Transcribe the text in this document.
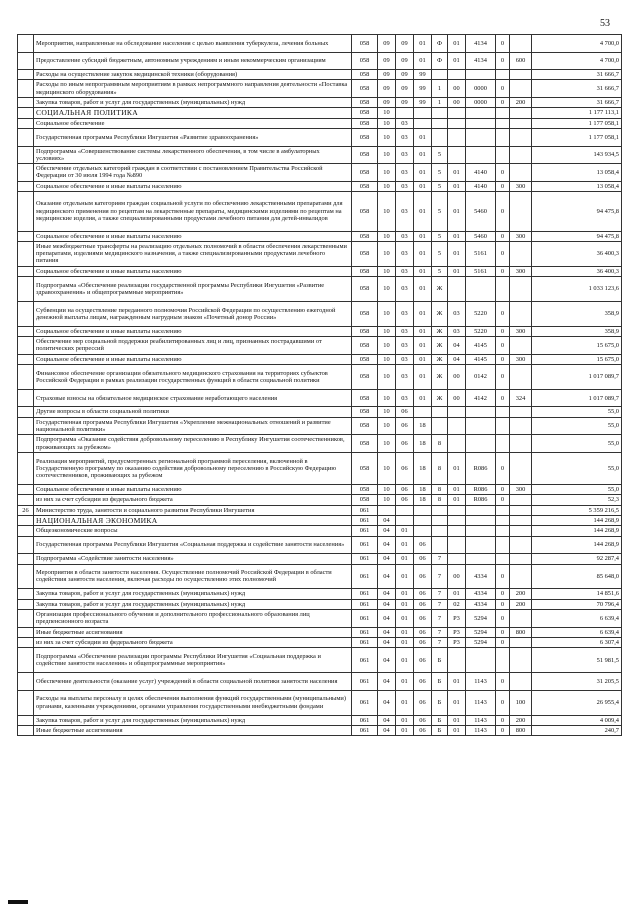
53
	Мероприятия, направленные на обследование населения с целью выявления туберкулеза, лечения больных	058	09	09	01	Ф	01	4134	0		4 700,0
	Предоставление субсидий бюджетным, автономным учреждениям и иным некоммерческим организациям	058	09	09	01	Ф	01	4134	0	600	4 700,0
	Расходы на осуществление закупок медицинской техники (оборудования)	058	09	09	99						31 666,7
	Расходы по иным непрограммным мероприятиям в рамках непрограммного направления деятельности «Поставка медицинского оборудования»	058	09	09	99	1	00	0000	0		31 666,7
	Закупка товаров, работ и услуг для государственных (муниципальных) нужд	058	09	09	99	1	00	0000	0	200	31 666,7
	СОЦИАЛЬНАЯ ПОЛИТИКА	058	10								1 177 113,1
	Социальное обеспечение	058	10	03							1 177 058,1
	Государственная программа Республики Ингушетия «Развитие здравоохранения»	058	10	03	01						1 177 058,1
	Подпрограмма «Совершенствование системы лекарственного обеспечения, в том числе в амбулаторных условиях»	058	10	03	01	5					143 934,5
	Обеспечение отдельных категорий граждан в соответствии с постановлением Правительства Российской Федерации от 30 июля 1994 года №890	058	10	03	01	5	01	4140	0		13 058,4
	Социальное обеспечение и иные выплаты населению	058	10	03	01	5	01	4140	0	300	13 058,4
	Оказание отдельным категориям граждан социальной услуги по обеспечению лекарственными препаратами для медицинского применения по рецептам на лекарственные препараты, медицинскими изделиями по рецептам на медицинские изделия, а также специализированными продуктами лечебного питания для детей-инвалидов	058	10	03	01	5	01	5460	0		94 475,8
	Социальное обеспечение и иные выплаты населению	058	10	03	01	5	01	5460	0	300	94 475,8
	Иные межбюджетные трансферты на реализацию отдельных полномочий в области обеспечения лекарственными препаратами, изделиями медицинского назначения, а также специализированными продуктами лечебного питания	058	10	03	01	5	01	5161	0		36 400,3
	Социальное обеспечение и иные выплаты населению	058	10	03	01	5	01	5161	0	300	36 400,3
	Подпрограмма «Обеспечение реализации государственной программы Республики Ингушетия «Развитие здравоохранения» и общепрограммные мероприятия»	058	10	03	01	Ж					1 033 123,6
	Субвенции на осуществление переданного полномочия Российской Федерации по осуществлению ежегодной денежной выплаты лицам, награжденным нагрудным знаком «Почетный донор России»	058	10	03	01	Ж	03	5220	0		358,9
	Социальное обеспечение и иные выплаты населению	058	10	03	01	Ж	03	5220	0	300	358,9
	Обеспечение мер социальной поддержки реабилитированных лиц и лиц, признанных пострадавшими от политических репрессий	058	10	03	01	Ж	04	4145	0		15 675,0
	Социальное обеспечение и иные выплаты населению	058	10	03	01	Ж	04	4145	0	300	15 675,0
	Финансовое обеспечение организации обязательного медицинского страхования на территориях субъектов Российской Федерации в рамках реализации государственных функций в области социальной политики	058	10	03	01	Ж	00	0142	0		1 017 089,7
	Страховые взносы на обязательное медицинское страхование неработающего населения	058	10	03	01	Ж	00	4142	0	324	1 017 089,7
	Другие вопросы в области социальной политики	058	10	06							55,0
	Государственная программа Республики Ингушетия «Укрепление межнациональных отношений и развитие национальной политики»	058	10	06	18						55,0
	Подпрограмма «Оказание содействия добровольному переселению в Республику Ингушетия соотечественников, проживающих за рубежом»	058	10	06	18	8					55,0
	Реализация мероприятий, предусмотренных региональной программой переселения, включенной в Государственную программу по оказанию содействия добровольному переселению в Российскую Федерацию соотечественников, проживающих за рубежом	058	10	06	18	8	01	R086	0		55,0
	Социальное обеспечение и иные выплаты населению	058	10	06	18	8	01	R086	0	300	55,0
	из них за счет субсидии из федерального бюджета	058	10	06	18	8	01	R086	0		52,3
26	Министерство труда, занятости и социального развития Республики Ингушетия	061									5 359 216,5
	НАЦИОНАЛЬНАЯ ЭКОНОМИКА	061	04								144 268,9
	Общеэкономические вопросы	061	04	01							144 268,9
	Государственная программа Республики Ингушетия «Социальная поддержка и содействие занятости населения»	061	04	01	06						144 268,9
	Подпрограмма «Содействие занятости населения»	061	04	01	06	7					92 287,4
	Мероприятия в области занятости населения. Осуществление полномочий Российской Федерации в области содействия занятости населения, включая расходы по осуществлению этих полномочий	061	04	01	06	7	00	4334	0		85 648,0
	Закупка товаров, работ и услуг для государственных (муниципальных) нужд	061	04	01	06	7	01	4334	0	200	14 851,6
	Закупка товаров, работ и услуг для государственных (муниципальных) нужд	061	04	01	06	7	02	4334	0	200	70 796,4
	Организация профессионального обучения и дополнительного профессионального образования лиц предпенсионного возраста	061	04	01	06	7	Р3	5294	0		6 639,4
	Иные бюджетные ассигнования	061	04	01	06	7	Р3	5294	0	800	6 639,4
	из них за счет субсидии из федерального бюджета	061	04	01	06	7	Р3	5294	0		6 307,4
	Подпрограмма «Обеспечение реализации программы Республики Ингушетия «Социальная поддержка и содействие занятости населения» и общепрограммные мероприятия»	061	04	01	06	Б					51 981,5
	Обеспечение деятельности (оказание услуг) учреждений в области социальной политики занятости населения	061	04	01	06	Б	01	1143	0		31 205,5
	Расходы на выплаты персоналу в целях обеспечения выполнения функций государственными (муниципальными) органами, казенными учреждениями, органами управления государственными внебюджетными фондами	061	04	01	06	Б	01	1143	0	100	26 955,4
	Закупка товаров, работ и услуг для государственных (муниципальных) нужд	061	04	01	06	Б	01	1143	0	200	4 009,4
	Иные бюджетные ассигнования	061	04	01	06	Б	01	1143	0	800	240,7
